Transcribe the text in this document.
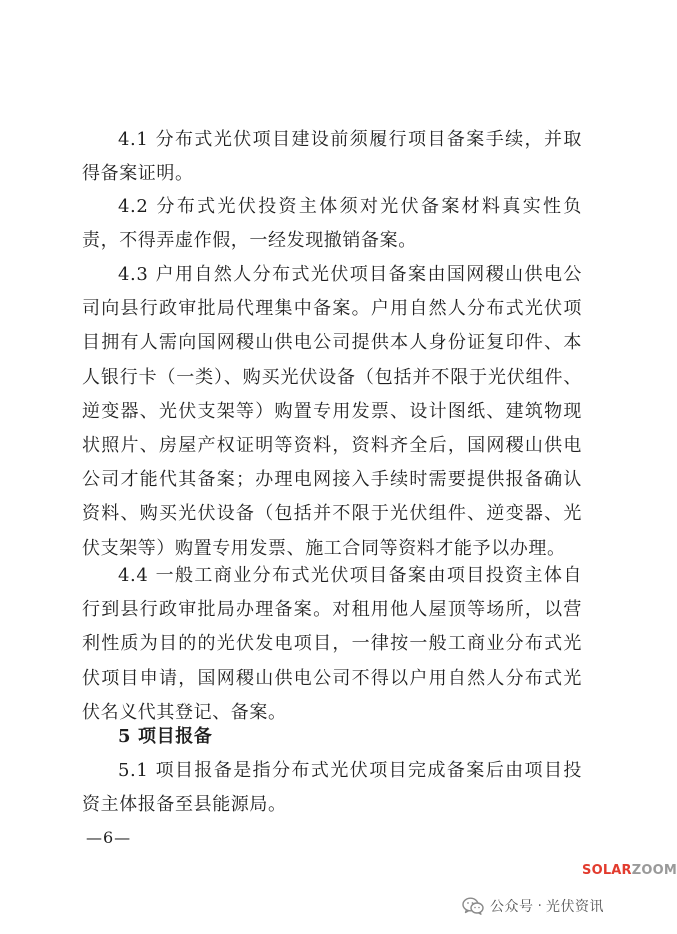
4.1 分布式光伏项目建设前须履行项目备案手续，并取得备案证明。

4.2 分布式光伏投资主体须对光伏备案材料真实性负责，不得弄虚作假，一经发现撤销备案。

4.3 户用自然人分布式光伏项目备案由国网稷山供电公司向县行政审批局代理集中备案。户用自然人分布式光伏项目拥有人需向国网稷山供电公司提供本人身份证复印件、本人银行卡（一类）、购买光伏设备（包括并不限于光伏组件、逆变器、光伏支架等）购置专用发票、设计图纸、建筑物现状照片、房屋产权证明等资料，资料齐全后，国网稷山供电公司才能代其备案；办理电网接入手续时需要提供报备确认资料、购买光伏设备（包括并不限于光伏组件、逆变器、光伏支架等）购置专用发票、施工合同等资料才能予以办理。

4.4 一般工商业分布式光伏项目备案由项目投资主体自行到县行政审批局办理备案。对租用他人屋顶等场所，以营利性质为目的的光伏发电项目，一律按一般工商业分布式光伏项目申请，国网稷山供电公司不得以户用自然人分布式光伏名义代其登记、备案。

5 项目报备

5.1 项目报备是指分布式光伏项目完成备案后由项目投资主体报备至县能源局。

—6—
SOLARZOOM
公众号 · 光伏资讯
